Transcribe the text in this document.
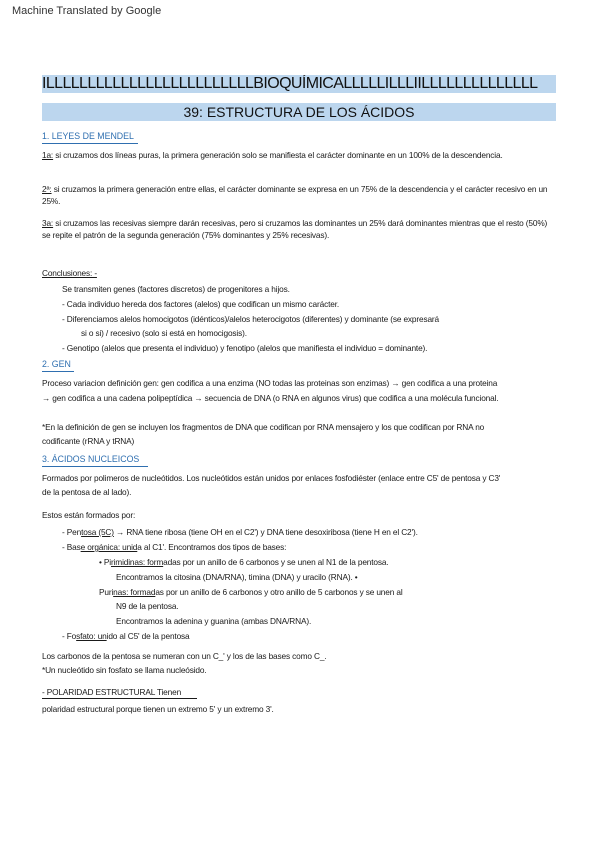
Machine Translated by Google
ILLLLLLLLLLLLLLLLLLLLLLLLLBIOQUÍMICALLLLLILLLIILLLLLLLLLLLLLL
39: ESTRUCTURA DE LOS ÁCIDOS
1. LEYES DE MENDEL
1a: si cruzamos dos líneas puras, la primera generación solo se manifiesta el carácter dominante en un 100% de la descendencia.
2ª: si cruzamos la primera generación entre ellas, el carácter dominante se expresa en un 75% de la descendencia y el carácter recesivo en un 25%.
3a: si cruzamos las recesivas siempre darán recesivas, pero si cruzamos las dominantes un 25% dará dominantes mientras que el resto (50%) se repite el patrón de la segunda generación (75% dominantes y 25% recesivas).
Conclusiones: -
Se transmiten genes (factores discretos) de progenitores a hijos.
- Cada individuo hereda dos factores (alelos) que codifican un mismo carácter.
- Diferenciamos alelos homocigotos (idénticos)/alelos heterocigotos (diferentes) y dominante (se expresará
si o si) / recesivo (solo si está en homocigosis).
- Genotipo (alelos que presenta el individuo) y fenotipo (alelos que manifiesta el individuo = dominante).
2. GEN
Proceso variacion definición gen: gen codifica a una enzima (NO todas las proteinas son enzimas) → gen codifica a una proteina
→ gen codifica a una cadena polipeptídica → secuencia de DNA (o RNA en algunos virus) que codifica a una molécula funcional.
*En la definición de gen se incluyen los fragmentos de DNA que codifican por RNA mensajero y los que codifican por RNA no
codificante (rRNA y tRNA)
3. ÁCIDOS NUCLEICOS
Formados por polimeros de nucleótidos. Los nucleótidos están unidos por enlaces fosfodiéster (enlace entre C5' de pentosa y C3'
de la pentosa de al lado).
Estos están formados por:
- Pentosa (5C) → RNA tiene ribosa (tiene OH en el C2') y DNA tiene desoxiribosa (tiene H en el C2').
- Base orgánica: unida al C1'. Encontramos dos tipos de bases:
• Pirimidinas: formadas por un anillo de 6 carbonos y se unen al N1 de la pentosa.
Encontramos la citosina (DNA/RNA), timina (DNA) y uracilo (RNA). •
Purinas: formadas por un anillo de 6 carbonos y otro anillo de 5 carbonos y se unen al
N9 de la pentosa.
Encontramos la adenina y guanina (ambas DNA/RNA).
- Fosfato: unido al C5' de la pentosa
Los carbonos de la pentosa se numeran con un C_' y los de las bases como C_.
*Un nucleótido sin fosfato se llama nucleósido.
- POLARIDAD ESTRUCTURAL Tienen
polaridad estructural porque tienen un extremo 5' y un extremo 3'.
